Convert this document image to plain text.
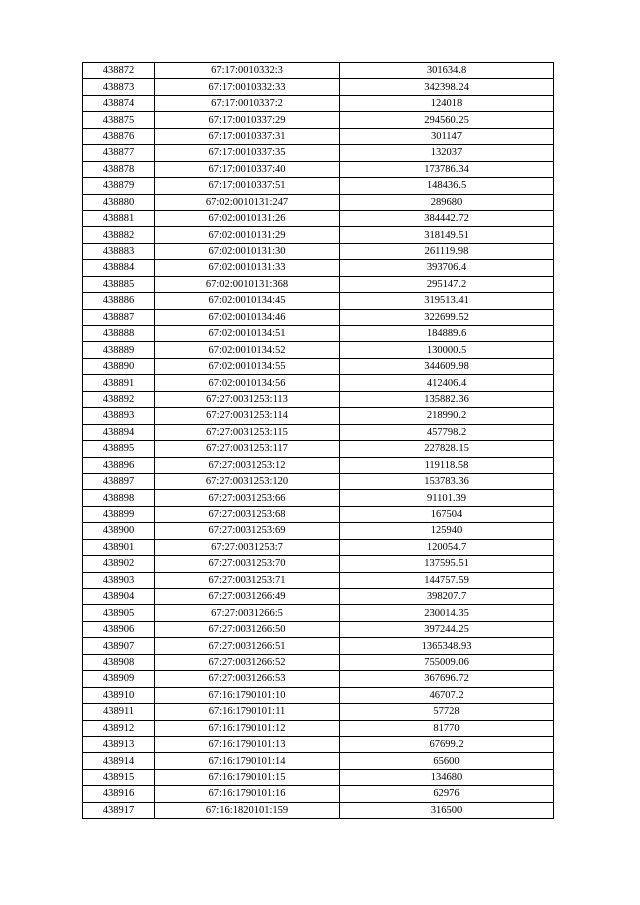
438872	67:17:0010332:3	301634.8
438873	67:17:0010332:33	342398.24
438874	67:17:0010337:2	124018
438875	67:17:0010337:29	294560.25
438876	67:17:0010337:31	301147
438877	67:17:0010337:35	132037
438878	67:17:0010337:40	173786.34
438879	67:17:0010337:51	148436.5
438880	67:02:0010131:247	289680
438881	67:02:0010131:26	384442.72
438882	67:02:0010131:29	318149.51
438883	67:02:0010131:30	261119.98
438884	67:02:0010131:33	393706.4
438885	67:02:0010131:368	295147.2
438886	67:02:0010134:45	319513.41
438887	67:02:0010134:46	322699.52
438888	67:02:0010134:51	184889.6
438889	67:02:0010134:52	130000.5
438890	67:02:0010134:55	344609.98
438891	67:02:0010134:56	412406.4
438892	67:27:0031253:113	135882.36
438893	67:27:0031253:114	218990.2
438894	67:27:0031253:115	457798.2
438895	67:27:0031253:117	227828.15
438896	67:27:0031253:12	119118.58
438897	67:27:0031253:120	153783.36
438898	67:27:0031253:66	91101.39
438899	67:27:0031253:68	167504
438900	67:27:0031253:69	125940
438901	67:27:0031253:7	120054.7
438902	67:27:0031253:70	137595.51
438903	67:27:0031253:71	144757.59
438904	67:27:0031266:49	398207.7
438905	67:27:0031266:5	230014.35
438906	67:27:0031266:50	397244.25
438907	67:27:0031266:51	1365348.93
438908	67:27:0031266:52	755009.06
438909	67:27:0031266:53	367696.72
438910	67:16:1790101:10	46707.2
438911	67:16:1790101:11	57728
438912	67:16:1790101:12	81770
438913	67:16:1790101:13	67699.2
438914	67:16:1790101:14	65600
438915	67:16:1790101:15	134680
438916	67:16:1790101:16	62976
438917	67:16:1820101:159	316500
